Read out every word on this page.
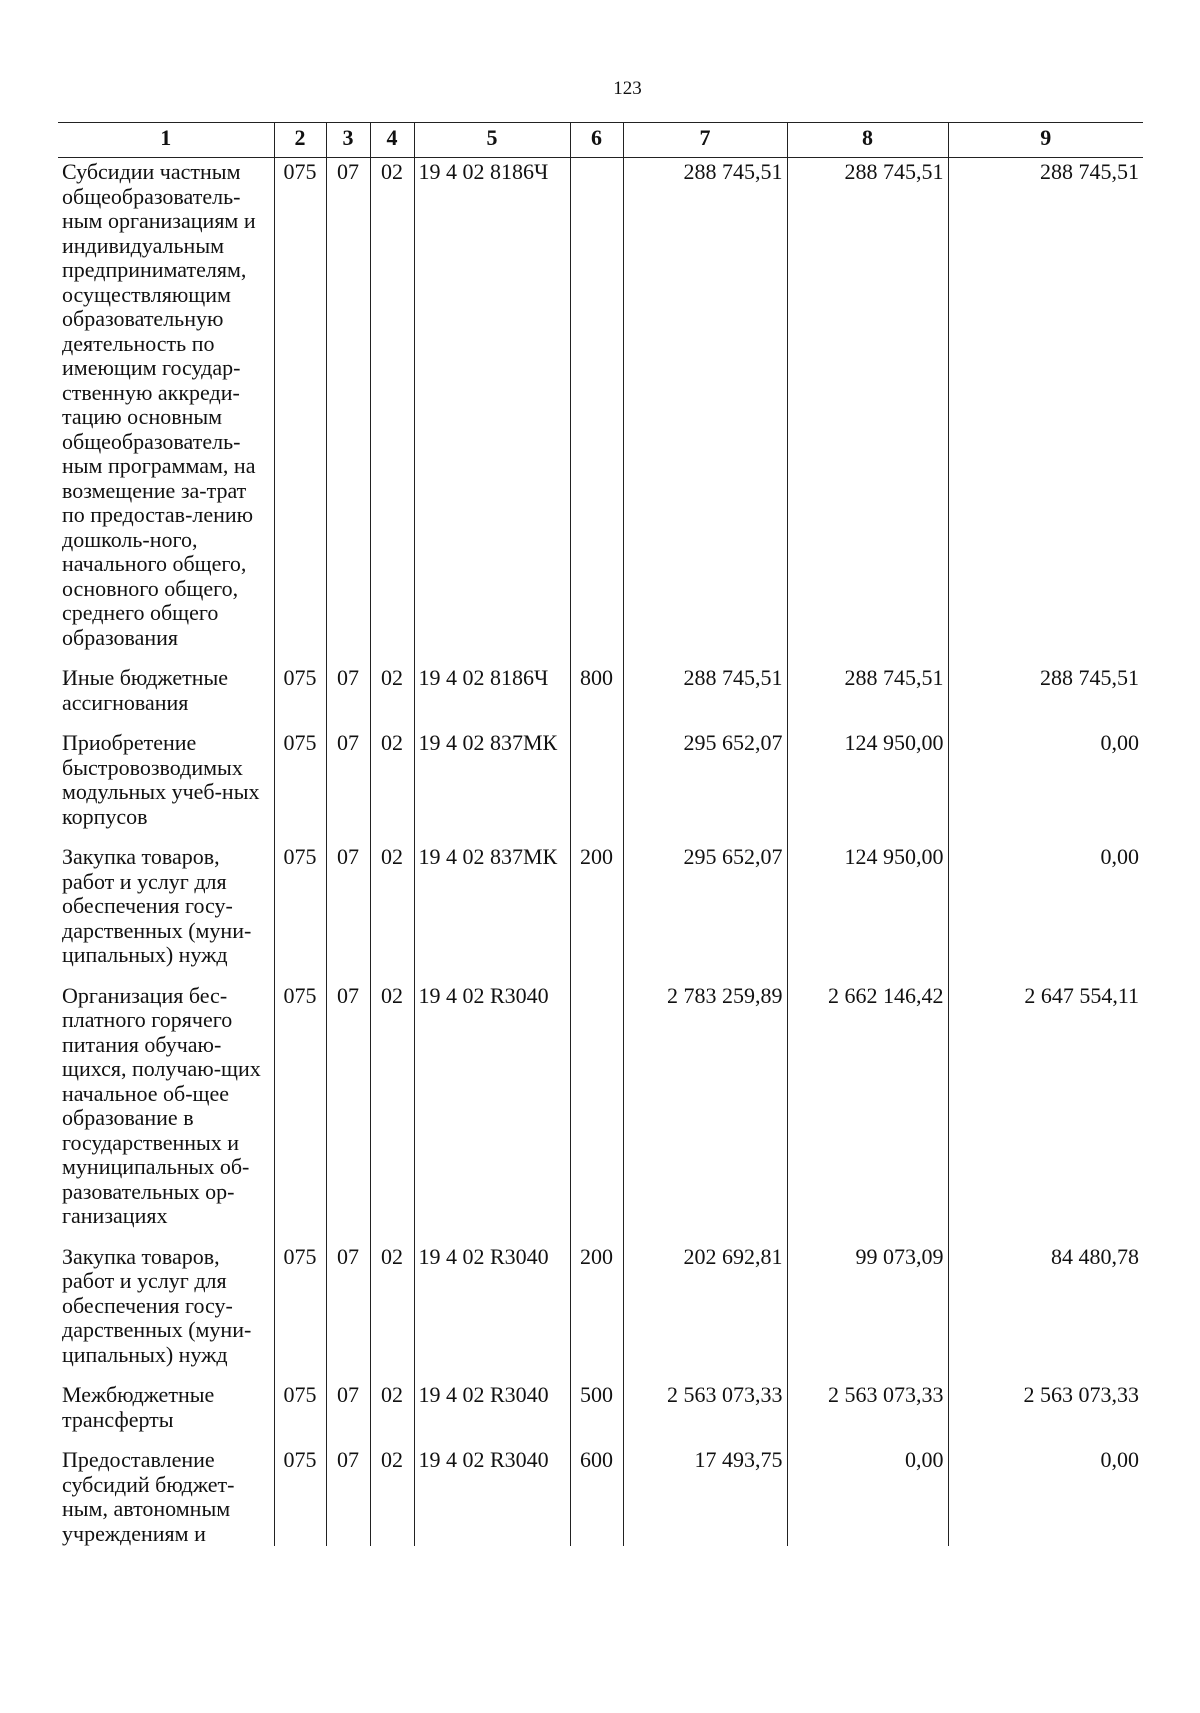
123
1	2	3	4	5	6	7	8	9
Субсидии частным общеобразователь-ным организациям и индивидуальным предпринимателям, осуществляющим образовательную деятельность по имеющим государ-ственную аккреди-тацию основным общеобразователь-ным программам, на возмещение за-трат по предостав-лению дошколь-ного, начального общего, основного общего, среднего общего образования	075	07	02	19 4 02 8186Ч		288 745,51	288 745,51	288 745,51

Иные бюджетные ассигнования	075	07	02	19 4 02 8186Ч	800	288 745,51	288 745,51	288 745,51

Приобретение быстровозводимых модульных учеб-ных корпусов	075	07	02	19 4 02 837МК		295 652,07	124 950,00	0,00

Закупка товаров, работ и услуг для обеспечения госу-дарственных (муни-ципальных) нужд	075	07	02	19 4 02 837МК	200	295 652,07	124 950,00	0,00

Организация бес-платного горячего питания обучаю-щихся, получаю-щих начальное об-щее образование в государственных и муниципальных об-разовательных ор-ганизациях	075	07	02	19 4 02 R3040		2 783 259,89	2 662 146,42	2 647 554,11

Закупка товаров, работ и услуг для обеспечения госу-дарственных (муни-ципальных) нужд	075	07	02	19 4 02 R3040	200	202 692,81	99 073,09	84 480,78

Межбюджетные трансферты	075	07	02	19 4 02 R3040	500	2 563 073,33	2 563 073,33	2 563 073,33

Предоставление субсидий бюджет-ным, автономным учреждениям и	075	07	02	19 4 02 R3040	600	17 493,75	0,00	0,00
